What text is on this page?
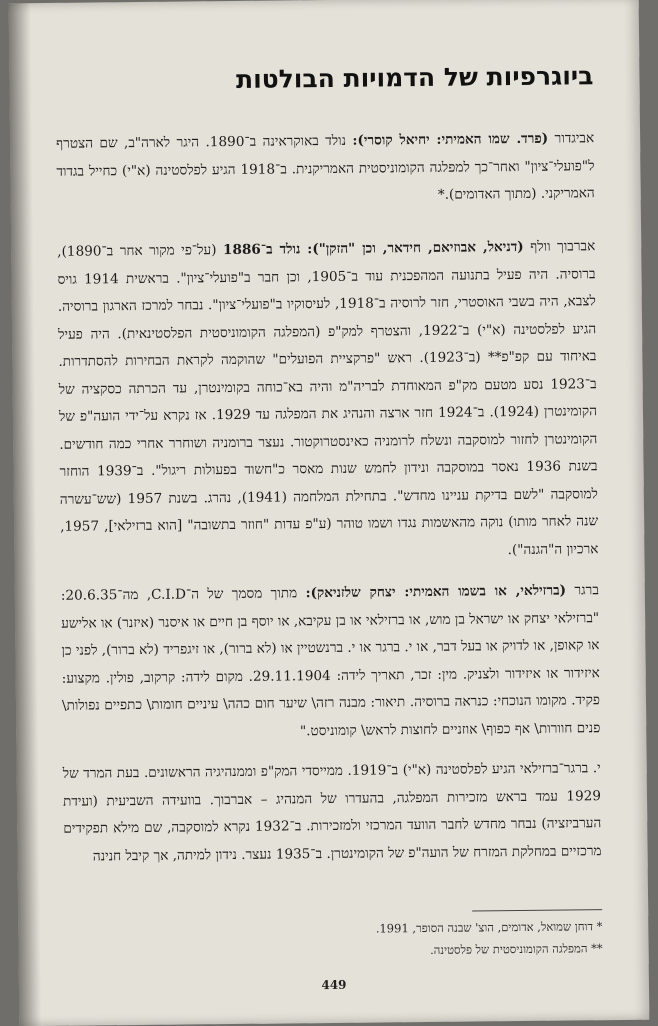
ביוגרפיות של הדמויות הבולטות
אביגדור (פרד. שמו האמיתי: יחיאל קוסרי): נולד באוקראינה ב־1890. היגר לארה"ב, שם הצטרף ל"פועלי־ציון" ואחר־כך למפלגה הקומוניסטית האמריקנית. ב־1918 הגיע לפלסטינה (א"י) כחייל בגדוד האמריקני. (מתוך האדומים).*
אברבוך וולף (דניאל, אבוזיאם, חידאר, וכן "הזקן"): נולד ב־1886 (על־פי מקור אחר ב־1890), ברוסיה. היה פעיל בתנועה המהפכנית עוד ב־1905, וכן חבר ב"פועלי־ציון". בראשית 1914 גויס לצבא, היה בשבי האוסטרי, חזר לרוסיה ב־1918, לעיסוקיו ב"פועלי־ציון". נבחר למרכז הארגון ברוסיה. הגיע לפלסטינה (א"י) ב־1922, והצטרף למק"פ (המפלגה הקומוניסטית הפלסטינאית). היה פעיל באיחוד עם קפ"פ** (ב־1923). ראש "פרקציית הפועלים" שהוקמה לקראת הבחירות להסתדרות. ב־1923 נסע מטעם מק"פ המאוחדת לבריה"מ והיה בא־כוחה בקומינטרן, עד הכרתה כסקציה של הקומינטרן (1924). ב־1924 חזר ארצה והנהיג את המפלגה עד 1929. אז נקרא על־ידי הועה"פ של הקומינטרן לחזור למוסקבה ונשלח לרומניה כאינסטרוקטור. נעצר ברומניה ושוחרר אחרי כמה חודשים. בשנת 1936 נאסר במוסקבה ונידון לחמש שנות מאסר כ"חשוד בפעולות ריגול". ב־1939 הוחזר למוסקבה "לשם בדיקת עניינו מחדש". בתחילת המלחמה (1941), נהרג. בשנת 1957 (שש־עשרה שנה לאחר מותו) נוקה מהאשמות נגדו ושמו טוהר (ע"פ עדות "חוזר בתשובה" [הוא ברזילאי], 1957, ארכיון ה"הגנה").
ברגר (ברזילאי, או בשמו האמיתי: יצחק שלזניאק): מתוך מסמך של ה־C.I.D, מה־20.6.35: "ברזילאי יצחק או ישראל בן מוש, או ברזילאי או בן עקיבא, או יוסף בן חיים או איסנר (איזנר) או אלישע או קאופן, או לדויק או בעל דבר, או י. ברגר או י. ברנשטיין או (לא ברור), או זיגפריד (לא ברור), לפני כן איזידור או איזידור ולצניק. מין: זכר, תאריך לידה: 29.11.1904. מקום לידה: קרקוב, פולין. מקצוע: פקיד. מקומו הנוכחי: כנראה ברוסיה. תיאור: מבנה רזה\ שיער חום כהה\ עיניים חומות\ כתפיים נפולות\ פנים חוורות\ אף כפוף\ אוזניים לחוצות לראש\ קומוניסט."
י. ברגר־ברזילאי הגיע לפלסטינה (א"י) ב־1919. ממייסדי המק"פ וממנהיגיה הראשונים. בעת המרד של 1929 עמד בראש מזכירות המפלגה, בהעדרו של המנהיג – אברבוך. בוועידה השביעית (ועידת הערביזציה) נבחר מחדש לחבר הוועד המרכזי ולמזכירות. ב־1932 נקרא למוסקבה, שם מילא תפקידים מרכזיים במחלקת המזרח של הועה"פ של הקומינטרן. ב־1935 נעצר. נידון למיתה, אך קיבל חנינה
* דוחן שמואל, אדומים, הוצ' שבנה הסופר, 1991.
** המפלגה הקומוניסטית של פלסטינה.
449
